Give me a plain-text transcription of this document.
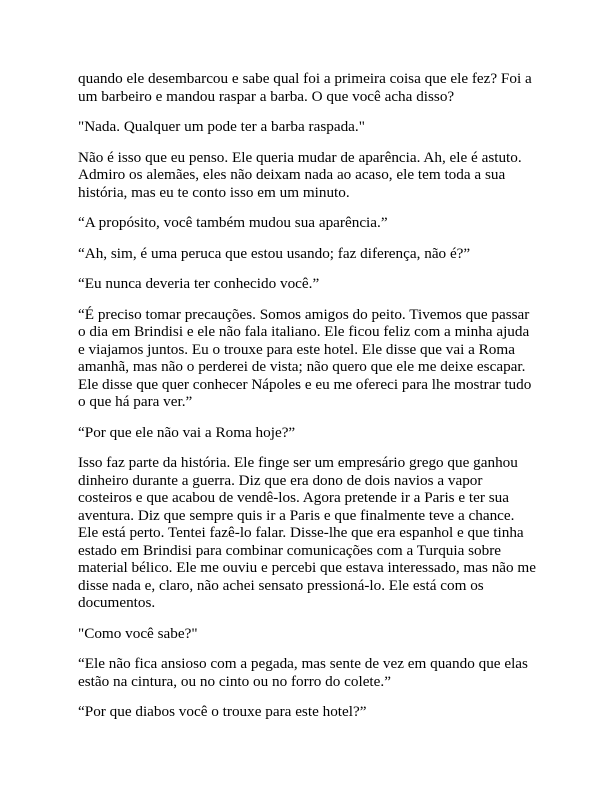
quando ele desembarcou e sabe qual foi a primeira coisa que ele fez? Foi a um barbeiro e mandou raspar a barba. O que você acha disso?

"Nada. Qualquer um pode ter a barba raspada."

Não é isso que eu penso. Ele queria mudar de aparência. Ah, ele é astuto. Admiro os alemães, eles não deixam nada ao acaso, ele tem toda a sua história, mas eu te conto isso em um minuto.

“A propósito, você também mudou sua aparência.”

“Ah, sim, é uma peruca que estou usando; faz diferença, não é?”

“Eu nunca deveria ter conhecido você.”

“É preciso tomar precauções. Somos amigos do peito. Tivemos que passar o dia em Brindisi e ele não fala italiano. Ele ficou feliz com a minha ajuda e viajamos juntos. Eu o trouxe para este hotel. Ele disse que vai a Roma amanhã, mas não o perderei de vista; não quero que ele me deixe escapar. Ele disse que quer conhecer Nápoles e eu me ofereci para lhe mostrar tudo o que há para ver.”

“Por que ele não vai a Roma hoje?”

Isso faz parte da história. Ele finge ser um empresário grego que ganhou dinheiro durante a guerra. Diz que era dono de dois navios a vapor costeiros e que acabou de vendê-los. Agora pretende ir a Paris e ter sua aventura. Diz que sempre quis ir a Paris e que finalmente teve a chance. Ele está perto. Tentei fazê-lo falar. Disse-lhe que era espanhol e que tinha estado em Brindisi para combinar comunicações com a Turquia sobre material bélico. Ele me ouviu e percebi que estava interessado, mas não me disse nada e, claro, não achei sensato pressioná-lo. Ele está com os documentos.

"Como você sabe?"

“Ele não fica ansioso com a pegada, mas sente de vez em quando que elas estão na cintura, ou no cinto ou no forro do colete.”

“Por que diabos você o trouxe para este hotel?”
